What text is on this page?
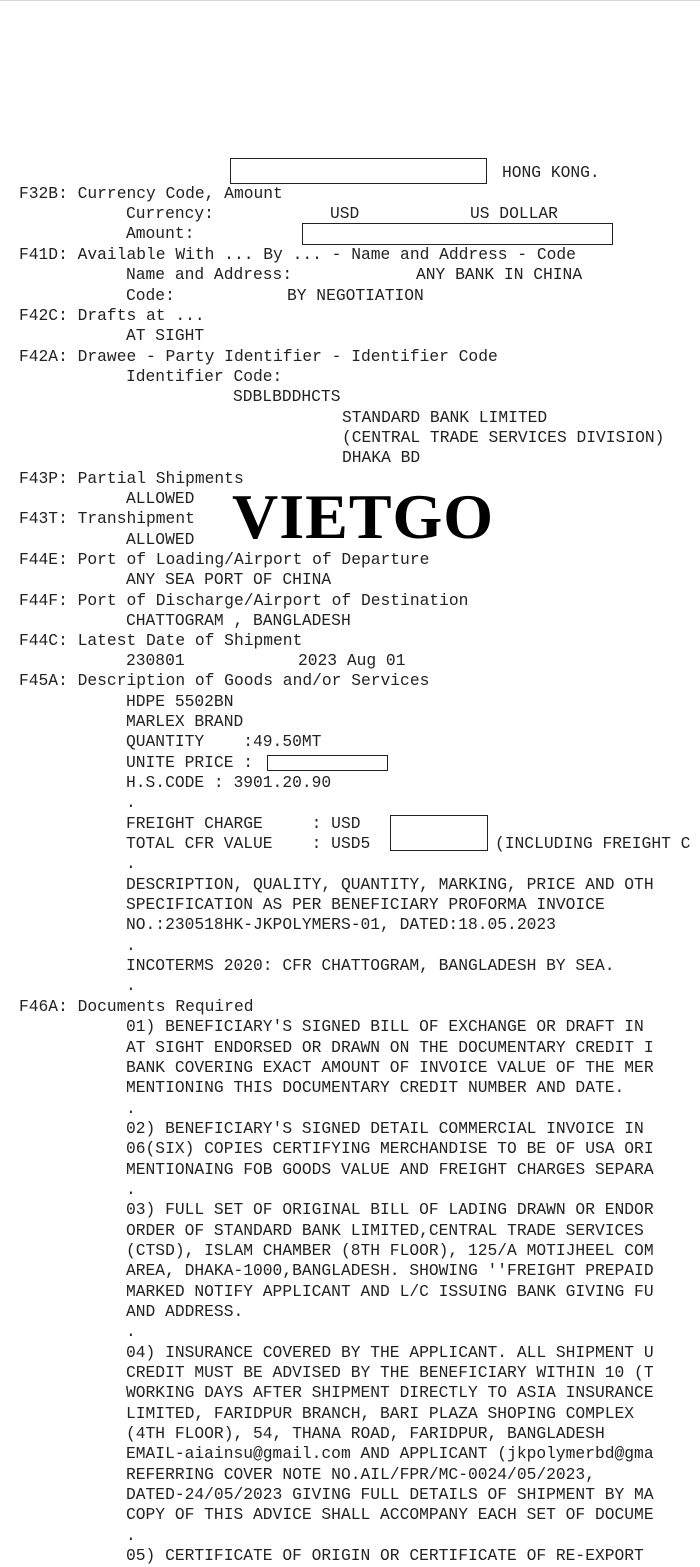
HONG KONG.
F32B: Currency Code, Amount
Currency:	USD	US DOLLAR
Amount:
F41D: Available With ... By ... - Name and Address - Code
Name and Address:	ANY BANK IN CHINA
Code:	BY NEGOTIATION
F42C: Drafts at ...
AT SIGHT
F42A: Drawee - Party Identifier - Identifier Code
Identifier Code:
SDBLBDDHCTS
STANDARD BANK LIMITED
(CENTRAL TRADE SERVICES DIVISION)
DHAKA BD
F43P: Partial Shipments
ALLOWED
F43T: Transhipment
ALLOWED
F44E: Port of Loading/Airport of Departure
ANY SEA PORT OF CHINA
F44F: Port of Discharge/Airport of Destination
CHATTOGRAM , BANGLADESH
F44C: Latest Date of Shipment
230801	2023 Aug 01
F45A: Description of Goods and/or Services
HDPE 5502BN
MARLEX BRAND
QUANTITY    :49.50MT
UNITE PRICE :
H.S.CODE : 3901.20.90
.
FREIGHT CHARGE     : USD
TOTAL CFR VALUE    : USD5	(INCLUDING FREIGHT C
.
DESCRIPTION, QUALITY, QUANTITY, MARKING, PRICE AND OTH
SPECIFICATION AS PER BENEFICIARY PROFORMA INVOICE
NO.:230518HK-JKPOLYMERS-01, DATED:18.05.2023
.
INCOTERMS 2020: CFR CHATTOGRAM, BANGLADESH BY SEA.
.
F46A: Documents Required
01) BENEFICIARY'S SIGNED BILL OF EXCHANGE OR DRAFT IN
AT SIGHT ENDORSED OR DRAWN ON THE DOCUMENTARY CREDIT I
BANK COVERING EXACT AMOUNT OF INVOICE VALUE OF THE MER
MENTIONING THIS DOCUMENTARY CREDIT NUMBER AND DATE.
.
02) BENEFICIARY'S SIGNED DETAIL COMMERCIAL INVOICE IN
06(SIX) COPIES CERTIFYING MERCHANDISE TO BE OF USA ORI
MENTIONAING FOB GOODS VALUE AND FREIGHT CHARGES SEPARA
.
03) FULL SET OF ORIGINAL BILL OF LADING DRAWN OR ENDOR
ORDER OF STANDARD BANK LIMITED,CENTRAL TRADE SERVICES
(CTSD), ISLAM CHAMBER (8TH FLOOR), 125/A MOTIJHEEL COM
AREA, DHAKA-1000,BANGLADESH. SHOWING ''FREIGHT PREPAID
MARKED NOTIFY APPLICANT AND L/C ISSUING BANK GIVING FU
AND ADDRESS.
.
04) INSURANCE COVERED BY THE APPLICANT. ALL SHIPMENT U
CREDIT MUST BE ADVISED BY THE BENEFICIARY WITHIN 10 (T
WORKING DAYS AFTER SHIPMENT DIRECTLY TO ASIA INSURANCE
LIMITED, FARIDPUR BRANCH, BARI PLAZA SHOPING COMPLEX
(4TH FLOOR), 54, THANA ROAD, FARIDPUR, BANGLADESH
EMAIL-aiainsu@gmail.com AND APPLICANT (jkpolymerbd@gma
REFERRING COVER NOTE NO.AIL/FPR/MC-0024/05/2023,
DATED-24/05/2023 GIVING FULL DETAILS OF SHIPMENT BY MA
COPY OF THIS ADVICE SHALL ACCOMPANY EACH SET OF DOCUME
.
05) CERTIFICATE OF ORIGIN OR CERTIFICATE OF RE-EXPORT
VIETGO
